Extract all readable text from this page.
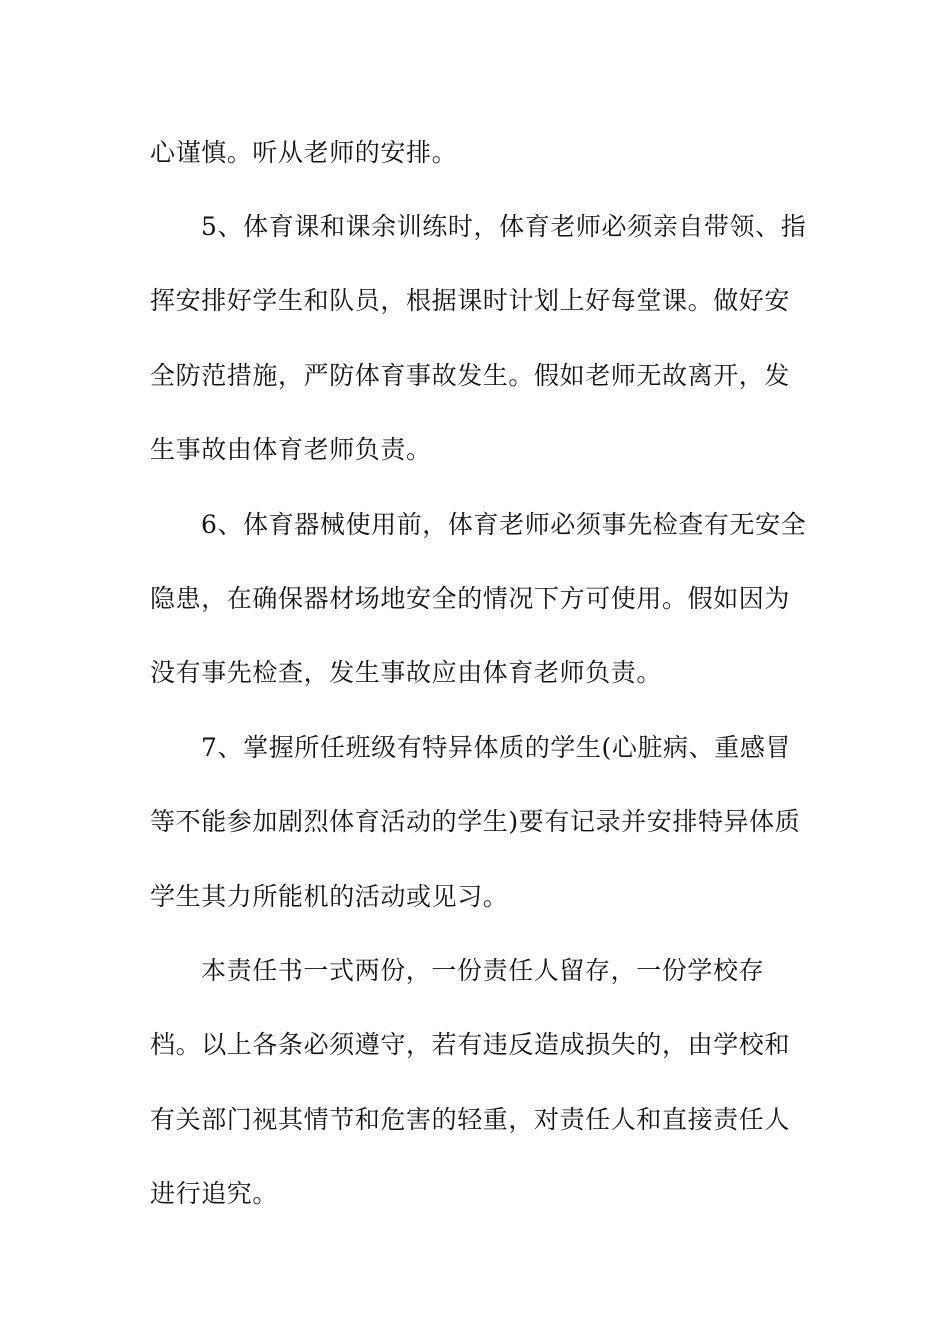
心谨慎。听从老师的安排。
5、体育课和课余训练时，体育老师必须亲自带领、指
挥安排好学生和队员，根据课时计划上好每堂课。做好安
全防范措施，严防体育事故发生。假如老师无故离开，发
生事故由体育老师负责。
6、体育器械使用前，体育老师必须事先检查有无安全
隐患，在确保器材场地安全的情况下方可使用。假如因为
没有事先检查，发生事故应由体育老师负责。
7、掌握所任班级有特异体质的学生(心脏病、重感冒
等不能参加剧烈体育活动的学生)要有记录并安排特异体质
学生其力所能机的活动或见习。
本责任书一式两份，一份责任人留存，一份学校存
档。以上各条必须遵守，若有违反造成损失的，由学校和
有关部门视其情节和危害的轻重，对责任人和直接责任人
进行追究。
